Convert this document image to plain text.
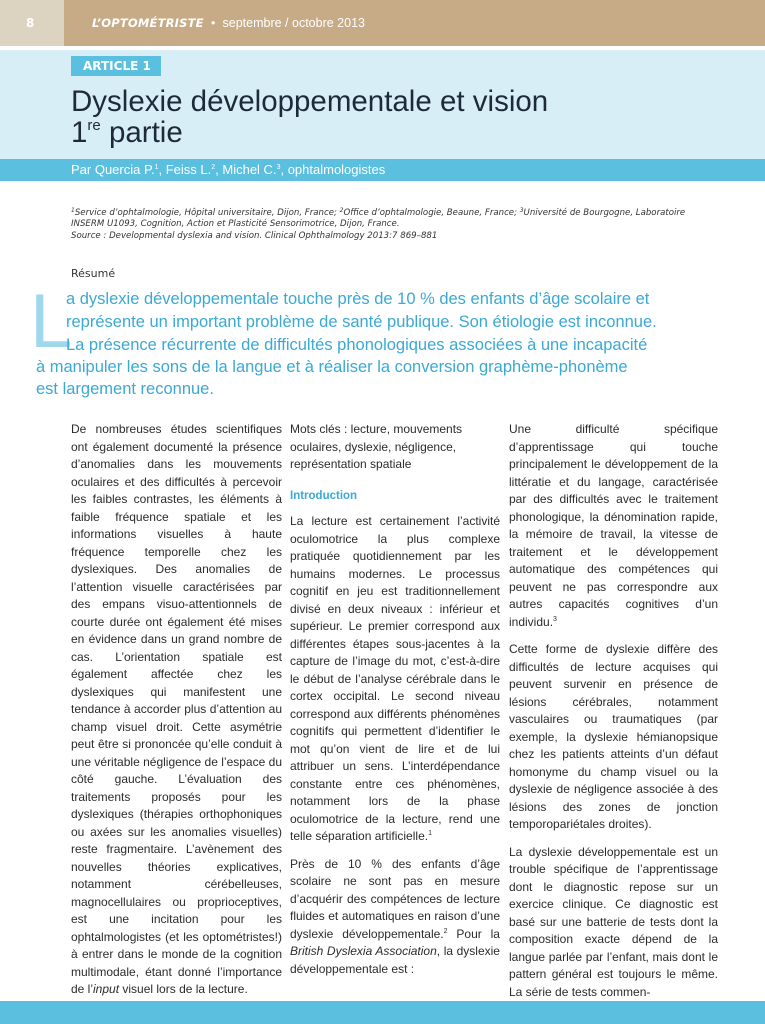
8	L’OPTOMÉTRISTE • septembre / octobre 2013
ARTICLE 1
Dyslexie développementale et vision
1re partie
Par Quercia P.$^1$, Feiss L.$^2$, Michel C.$^3$, ophtalmologistes
$^1$Service d’ophtalmologie, Hôpital universitaire, Dijon, France; $^2$Office d’ophtalmologie, Beaune, France; $^3$Université de Bourgogne, Laboratoire INSERM U1093, Cognition, Action et Plasticité Sensorimotrice, Dijon, France.
Source : Developmental dyslexia and vision. Clinical Ophthalmology 2013:7 869–881
Résumé
L

a dyslexie développementale touche près de 10 % des enfants d’âge scolaire et

représente un important problème de santé publique. Son étiologie est inconnue.

La présence récurrente de difficultés phonologiques associées à une incapacité

à manipuler les sons de la langue et à réaliser la conversion graphème-phonème

est largement reconnue.

De nombreuses études scientifiques ont également documenté la présence d’anomalies dans les mouvements oculaires et des difficultés à percevoir les faibles contrastes, les éléments à faible fréquence spatiale et les informations visuelles à haute fréquence temporelle chez les dyslexiques. Des anomalies de l’attention visuelle caractérisées par des empans visuo-attentionnels de courte durée ont également été mises en évidence dans un grand nombre de cas. L’orientation spatiale est également affectée chez les dyslexiques qui manifestent une tendance à accorder plus d’attention au champ visuel droit. Cette asymétrie peut être si prononcée qu’elle conduit à une véritable négligence de l’espace du côté gauche. L’évaluation des traitements proposés pour les dyslexiques (thérapies orthophoniques ou axées sur les anomalies visuelles) reste fragmentaire. L’avènement des nouvelles théories explicatives, notamment cérébelleuses, magnocellulaires ou proprioceptives, est une incitation pour les ophtalmologistes (et les optométristes!) à entrer dans le monde de la cognition multimodale, étant donné l’importance de l’input visuel lors de la lecture.

Mots clés : lecture, mouvements oculaires, dyslexie, négligence, représentation spatiale

Introduction

La lecture est certainement l’activité oculomotrice la plus complexe pratiquée quotidiennement par les humains modernes. Le processus cognitif en jeu est traditionnellement divisé en deux niveaux : inférieur et supérieur. Le premier correspond aux différentes étapes sous-jacentes à la capture de l’image du mot, c’est-à-dire le début de l’analyse cérébrale dans le cortex occipital. Le second niveau correspond aux différents phénomènes cognitifs qui permettent d’identifier le mot qu’on vient de lire et de lui attribuer un sens. L’interdépendance constante entre ces phénomènes, notamment lors de la phase oculomotrice de la lecture, rend une telle séparation artificielle.$^1$

Près de 10 % des enfants d’âge scolaire ne sont pas en mesure d’acquérir des compétences de lecture fluides et automatiques en raison d’une dyslexie développementale.$^2$ Pour la British Dyslexia Association, la dyslexie développementale est :

Une difficulté spécifique d’apprentissage qui touche principalement le développement de la littératie et du langage, caractérisée par des difficultés avec le traitement phonologique, la dénomination rapide, la mémoire de travail, la vitesse de traitement et le développement automatique des compétences qui peuvent ne pas correspondre aux autres capacités cognitives d’un individu.$^3$

Cette forme de dyslexie diffère des difficultés de lecture acquises qui peuvent survenir en présence de lésions cérébrales, notamment vasculaires ou traumatiques (par exemple, la dyslexie hémianopsique chez les patients atteints d’un défaut homonyme du champ visuel ou la dyslexie de négligence associée à des lésions des zones de jonction temporopariétales droites).

La dyslexie développementale est un trouble spécifique de l’apprentissage dont le diagnostic repose sur un exercice clinique. Ce diagnostic est basé sur une batterie de tests dont la composition exacte dépend de la langue parlée par l’enfant, mais dont le pattern général est toujours le même. La série de tests commen-
